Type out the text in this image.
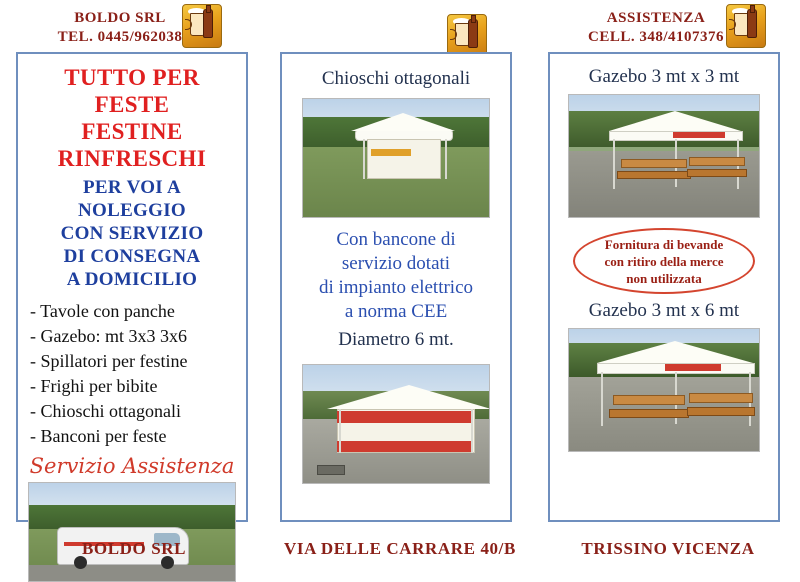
BOLDO SRL
TEL. 0445/962038
TUTTO PER FESTE
FESTINE
RINFRESCHI
PER VOI A
NOLEGGIO
CON SERVIZIO
DI CONSEGNA
A DOMICILIO
- Tavole con panche
- Gazebo: mt 3x3 3x6
- Spillatori per festine
- Frighi per bibite
- Chioschi ottagonali
- Banconi per feste
Servizio Assistenza
BOLDO SRL
Chioschi ottagonali
Con bancone di
servizio dotati
di impianto elettrico
a norma CEE
Diametro 6 mt.
VIA DELLE CARRARE 40/B
ASSISTENZA
CELL. 348/4107376
Gazebo 3 mt x 3 mt
Fornitura di bevande
con ritiro della merce
non utilizzata
Gazebo 3 mt x 6 mt
TRISSINO VICENZA
